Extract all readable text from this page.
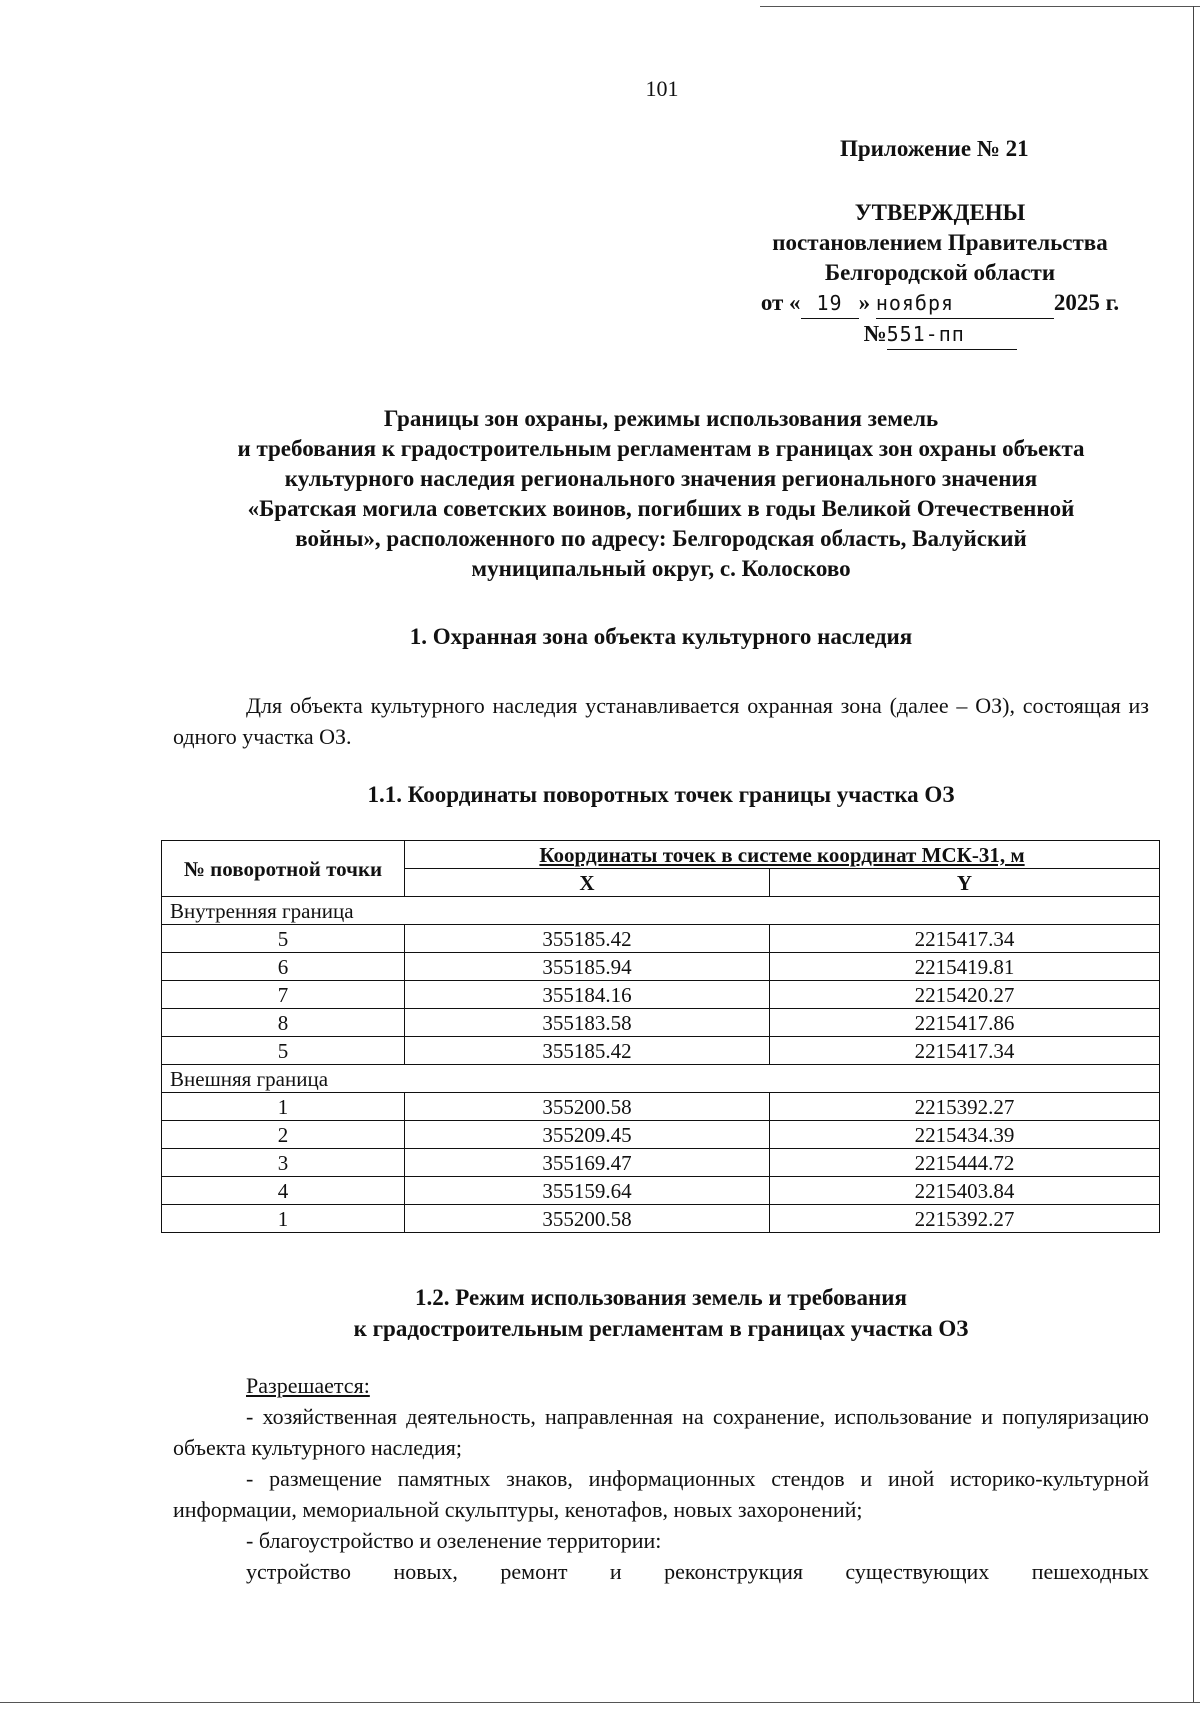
101
Приложение № 21
УТВЕРЖДЕНЫ
постановлением Правительства
Белгородской области
от « 19 » ноября	2025 г.
№551-пп
Границы зон охраны, режимы использования земель
и требования к градостроительным регламентам в границах зон охраны объекта
культурного наследия регионального значения регионального значения
«Братская могила советских воинов, погибших в годы Великой Отечественной
войны», расположенного по адресу: Белгородская область, Валуйский
муниципальный округ, с. Колосково
1. Охранная зона объекта культурного наследия
Для объекта культурного наследия устанавливается охранная зона (далее – ОЗ), состоящая из одного участка ОЗ.
1.1. Координаты поворотных точек границы участка ОЗ
№ поворотной точки	Координаты точек в системе координат МСК-31, м	
	X	Y
Внутренняя граница		
5	355185.42	2215417.34
6	355185.94	2215419.81
7	355184.16	2215420.27
8	355183.58	2215417.86
5	355185.42	2215417.34
Внешняя граница		
1	355200.58	2215392.27
2	355209.45	2215434.39
3	355169.47	2215444.72
4	355159.64	2215403.84
1	355200.58	2215392.27
1.2. Режим использования земель и требования
к градостроительным регламентам в границах участка ОЗ
Разрешается:

- хозяйственная деятельность, направленная на сохранение, использование и популяризацию объекта культурного наследия;

- размещение памятных знаков, информационных стендов и иной историко-культурной информации, мемориальной скульптуры, кенотафов, новых захоронений;

- благоустройство и озеленение территории:

устройство новых, ремонт и реконструкция существующих пешеходных
